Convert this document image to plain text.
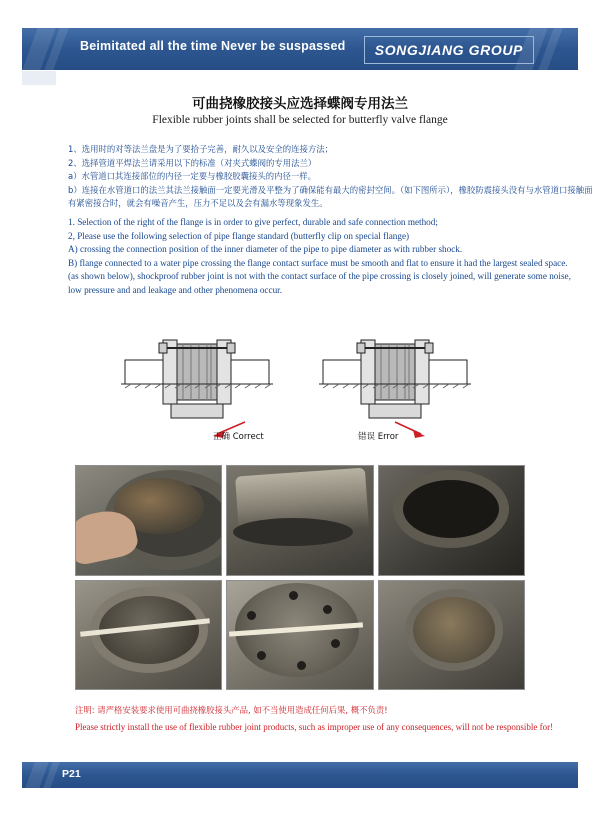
Beimitated all the time Never be suspassed SONGJIANG GROUP
可曲挠橡胶接头应选择蝶阀专用法兰
Flexible rubber joints shall be selected for butterfly valve flange
1、选用时的对等法兰盘是为了要拾子完善，耐久以及安全的连接方法；
2、选择管道平焊法兰请采用以下的标准（对夹式蝶阀的专用法兰）
a）水管道口其连接部位的内径一定要与橡胶胶囊接头的内径一样。
b）连接在水管道口的法兰其法兰接触面一定要光滑及平整为了确保能有最大的密封空间。（如下图所示），橡胶防震接头没有与水管道口接触面
有紧密接合时，就会有噪音产生，压力不足以及会有漏水等现象发生。
1. Selection of the right of the flange is in order to give perfect, durable and safe connection method;
2, Please use the following selection of pipe flange standard (butterfly clip on special flange)
A) crossing the connection position of the inner diameter of the pipe to pipe diameter as with rubber shock.
B) flange connected to a water pipe crossing the flange contact surface must be smooth and flat to ensure it had the largest sealed space.
(as shown below), shockproof rubber joint is not with the contact surface of the pipe crossing is closely joined, will generate some noise,
low pressure and and leakage and other phenomena occur.
正确 Correct	错误 Error
注明: 请严格安装要求使用可曲挠橡胶接头产品, 如不当使用造成任何后果, 概不负责!
Please strictly install the use of flexible rubber joint products, such as improper use of any consequences, will not be responsible for!
P21
